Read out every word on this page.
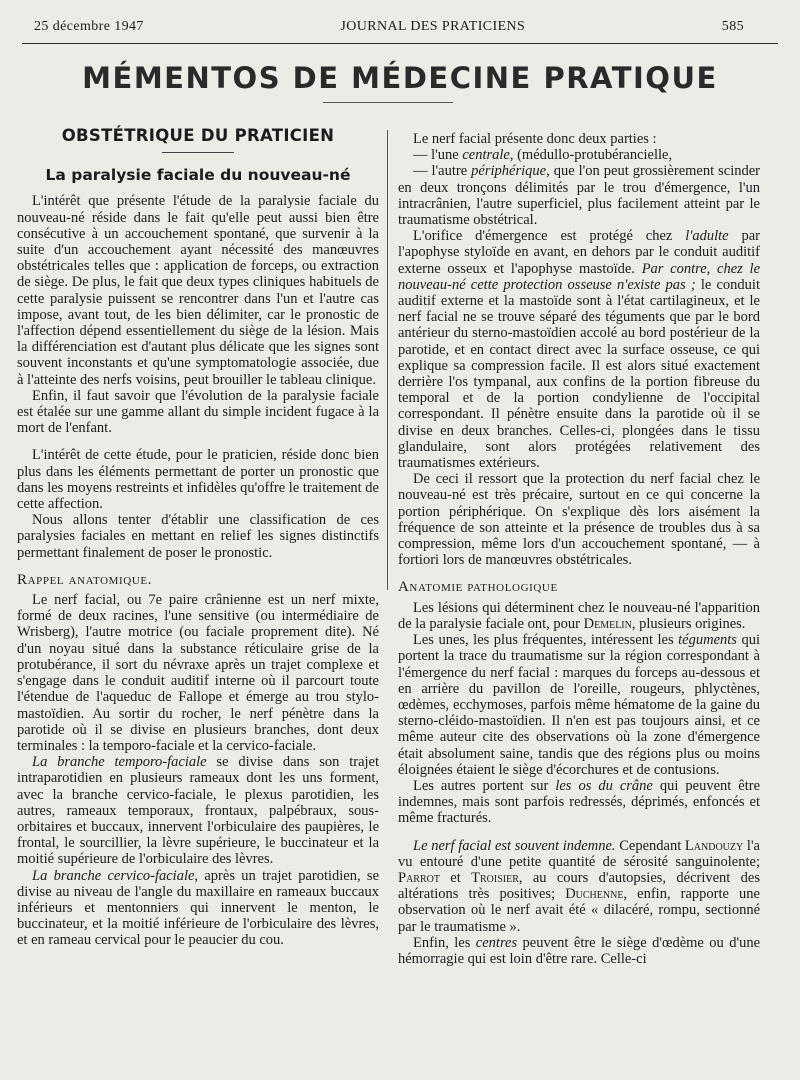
25 décembre 1947	JOURNAL DES PRATICIENS	585
MÉMENTOS DE MÉDECINE PRATIQUE
OBSTÉTRIQUE DU PRATICIEN
La paralysie faciale du nouveau-né

L'intérêt que présente l'étude de la paralysie faciale du nouveau-né réside dans le fait qu'elle peut aussi bien être consécutive à un accouchement spontané, que survenir à la suite d'un accouchement ayant nécessité des manœuvres obstétricales telles que : application de forceps, ou extraction de siège. De plus, le fait que deux types cliniques habituels de cette paralysie puissent se rencontrer dans l'un et l'autre cas impose, avant tout, de les bien délimiter, car le pronostic de l'affection dépend essentiellement du siège de la lésion. Mais la différenciation est d'autant plus délicate que les signes sont souvent inconstants et qu'une symptomatologie associée, due à l'atteinte des nerfs voisins, peut brouiller le tableau clinique.

Enfin, il faut savoir que l'évolution de la paralysie faciale est étalée sur une gamme allant du simple incident fugace à la mort de l'enfant.

L'intérêt de cette étude, pour le praticien, réside donc bien plus dans les éléments permettant de porter un pronostic que dans les moyens restreints et infidèles qu'offre le traitement de cette affection.

Nous allons tenter d'établir une classification de ces paralysies faciales en mettant en relief les signes distinctifs permettant finalement de poser le pronostic.

Rappel anatomique.

Le nerf facial, ou 7e paire crânienne est un nerf mixte, formé de deux racines, l'une sensitive (ou intermédiaire de Wrisberg), l'autre motrice (ou faciale proprement dite). Né d'un noyau situé dans la substance réticulaire grise de la protubérance, il sort du névraxe après un trajet complexe et s'engage dans le conduit auditif interne où il parcourt toute l'étendue de l'aqueduc de Fallope et émerge au trou stylo-mastoïdien. Au sortir du rocher, le nerf pénètre dans la parotide où il se divise en plusieurs branches, dont deux terminales : la temporo-faciale et la cervico-faciale.

La branche temporo-faciale se divise dans son trajet intraparotidien en plusieurs rameaux dont les uns forment, avec la branche cervico-faciale, le plexus parotidien, les autres, rameaux temporaux, frontaux, palpébraux, sous-orbitaires et buccaux, innervent l'orbiculaire des paupières, le frontal, le sourcillier, la lèvre supérieure, le buccinateur et la moitié supérieure de l'orbiculaire des lèvres.

La branche cervico-faciale, après un trajet parotidien, se divise au niveau de l'angle du maxillaire en rameaux buccaux inférieurs et mentonniers qui innervent le menton, le buccinateur, et la moitié inférieure de l'orbiculaire des lèvres, et en rameau cervical pour le peaucier du cou.

Le nerf facial présente donc deux parties :

— l'une centrale, (médullo-protubérancielle,

— l'autre périphérique, que l'on peut grossièrement scinder en deux tronçons délimités par le trou d'émergence, l'un intracrânien, l'autre superficiel, plus facilement atteint par le traumatisme obstétrical.

L'orifice d'émergence est protégé chez l'adulte par l'apophyse styloïde en avant, en dehors par le conduit auditif externe osseux et l'apophyse mastoïde. Par contre, chez le nouveau-né cette protection osseuse n'existe pas ; le conduit auditif externe et la mastoïde sont à l'état cartilagineux, et le nerf facial ne se trouve séparé des téguments que par le bord antérieur du sterno-mastoïdien accolé au bord postérieur de la parotide, et en contact direct avec la surface osseuse, ce qui explique sa compression facile. Il est alors situé exactement derrière l'os tympanal, aux confins de la portion fibreuse du temporal et de la portion condylienne de l'occipital correspondant. Il pénètre ensuite dans la parotide où il se divise en deux branches. Celles-ci, plongées dans le tissu glandulaire, sont alors protégées relativement des traumatismes extérieurs.

De ceci il ressort que la protection du nerf facial chez le nouveau-né est très précaire, surtout en ce qui concerne la portion périphérique. On s'explique dès lors aisément la fréquence de son atteinte et la présence de troubles dus à sa compression, même lors d'un accouchement spontané, — à fortiori lors de manœuvres obstétricales.

Anatomie pathologique

Les lésions qui déterminent chez le nouveau-né l'apparition de la paralysie faciale ont, pour Demelin, plusieurs origines.

Les unes, les plus fréquentes, intéressent les téguments qui portent la trace du traumatisme sur la région correspondant à l'émergence du nerf facial : marques du forceps au-dessous et en arrière du pavillon de l'oreille, rougeurs, phlyctènes, œdèmes, ecchymoses, parfois même hématome de la gaine du sterno-cléido-mastoïdien. Il n'en est pas toujours ainsi, et ce même auteur cite des observations où la zone d'émergence était absolument saine, tandis que des régions plus ou moins éloignées étaient le siège d'écorchures et de contusions.

Les autres portent sur les os du crâne qui peuvent être indemnes, mais sont parfois redressés, déprimés, enfoncés et même fracturés.

Le nerf facial est souvent indemne. Cependant Landouzy l'a vu entouré d'une petite quantité de sérosité sanguinolente; Parrot et Troisier, au cours d'autopsies, décrivent des altérations très positives; Duchenne, enfin, rapporte une observation où le nerf avait été « dilacéré, rompu, sectionné par le traumatisme ».

Enfin, les centres peuvent être le siège d'œdème ou d'une hémorragie qui est loin d'être rare. Celle-ci
